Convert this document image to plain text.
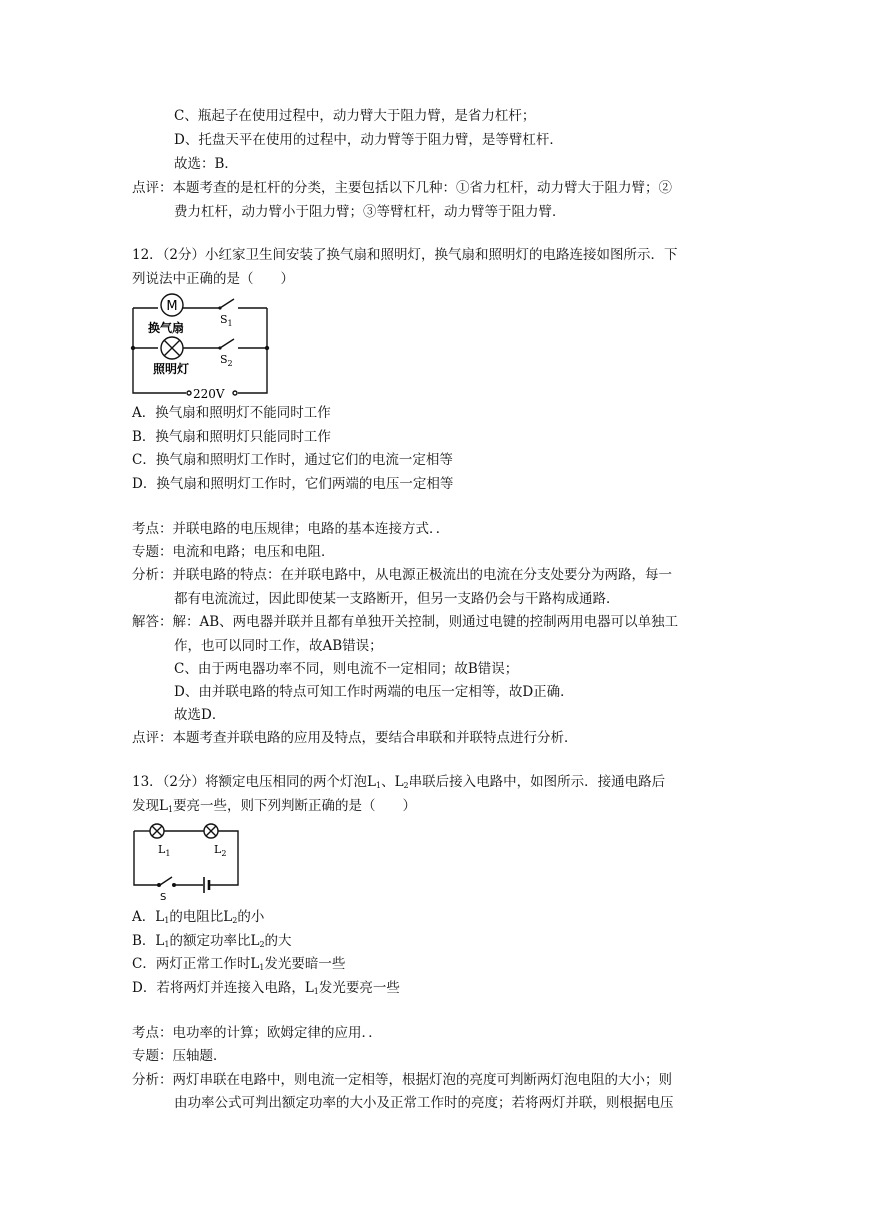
C、瓶起子在使用过程中，动力臂大于阻力臂，是省力杠杆；
D、托盘天平在使用的过程中，动力臂等于阻力臂，是等臂杠杆．
故选：B．
点评：本题考查的是杠杆的分类，主要包括以下几种：①省力杠杆，动力臂大于阻力臂；②
费力杠杆，动力臂小于阻力臂；③等臂杠杆，动力臂等于阻力臂．
12．（2分）小红家卫生间安装了换气扇和照明灯，换气扇和照明灯的电路连接如图所示．下
列说法中正确的是（　　）
M
换气扇
照明灯
$S_1$
$S_2$
220V
A．换气扇和照明灯不能同时工作
B．换气扇和照明灯只能同时工作
C．换气扇和照明灯工作时，通过它们的电流一定相等
D．换气扇和照明灯工作时，它们两端的电压一定相等
考点：并联电路的电压规律；电路的基本连接方式．．
专题：电流和电路；电压和电阻．
分析：并联电路的特点：在并联电路中，从电源正极流出的电流在分支处要分为两路，每一
都有电流流过，因此即使某一支路断开，但另一支路仍会与干路构成通路．
解答：解：AB、两电器并联并且都有单独开关控制，则通过电键的控制两用电器可以单独工
作，也可以同时工作，故AB错误；
C、由于两电器功率不同，则电流不一定相同；故B错误；
D、由并联电路的特点可知工作时两端的电压一定相等，故D正确．
故选D．
点评：本题考查并联电路的应用及特点，要结合串联和并联特点进行分析．
13．（2分）将额定电压相同的两个灯泡$L_1$、$L_2$串联后接入电路中，如图所示．接通电路后
发现$L_1$要亮一些，则下列判断正确的是（　　）
$L_1$	$L_2$
S
A．$L_1$的电阻比$L_2$的小
B．$L_1$的额定功率比$L_2$的大
C．两灯正常工作时$L_1$发光要暗一些
D．若将两灯并连接入电路，$L_1$发光要亮一些
考点：电功率的计算；欧姆定律的应用．．
专题：压轴题．
分析：两灯串联在电路中，则电流一定相等，根据灯泡的亮度可判断两灯泡电阻的大小；则
由功率公式可判出额定功率的大小及正常工作时的亮度；若将两灯并联，则根据电压
